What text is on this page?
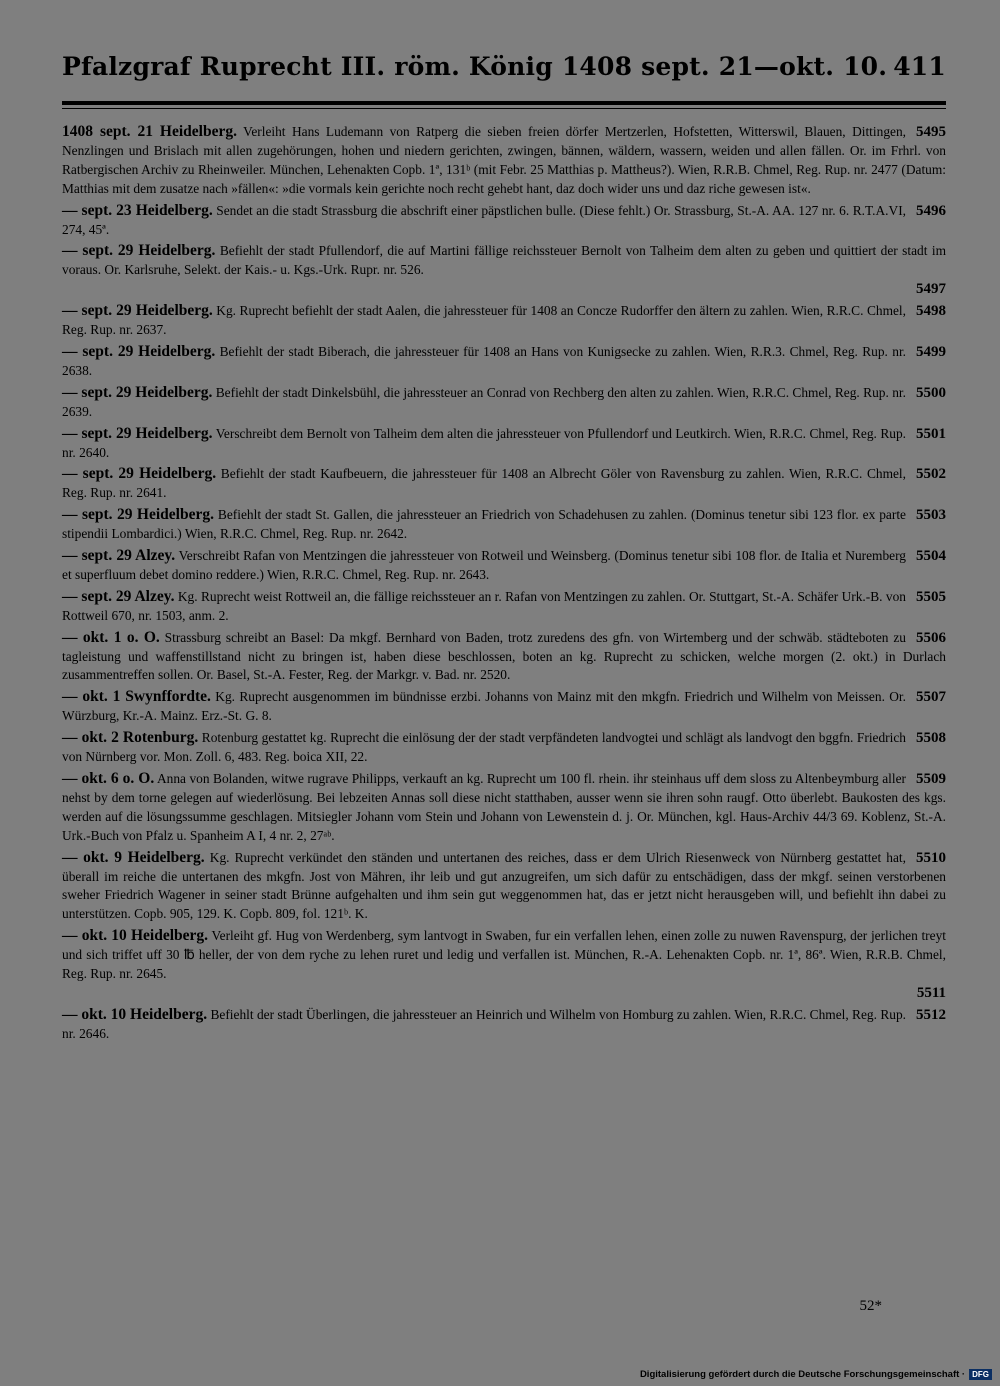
Pfalzgraf Ruprecht III. röm. König 1408 sept. 21—okt. 10. 411
5495
1408 sept. 21 Heidelberg. Verleiht Hans Ludemann von Ratperg die sieben freien dörfer Mertzerlen, Hofstetten, Witterswil, Blauen, Dittingen, Nenzlingen und Brislach mit allen zugehörungen, hohen und niedern gerichten, zwingen, bännen, wäldern, wassern, weiden und allen fällen. Or. im Frhrl. von Ratbergischen Archiv zu Rheinweiler. München, Lehenakten Copb. 1ª, 131ᵇ (mit Febr. 25 Matthias p. Mattheus?). Wien, R.R.B. Chmel, Reg. Rup. nr. 2477 (Datum: Matthias mit dem zusatze nach »fällen«: »die vormals kein gerichte noch recht gehebt hant, daz doch wider uns und daz riche gewesen ist«.
5496
— sept. 23 Heidelberg. Sendet an die stadt Strassburg die abschrift einer päpstlichen bulle. (Diese fehlt.) Or. Strassburg, St.-A. AA. 127 nr. 6. R.T.A.VI, 274, 45ª.
— sept. 29 Heidelberg. Befiehlt der stadt Pfullendorf, die auf Martini fällige reichssteuer Bernolt von Talheim dem alten zu geben und quittiert der stadt im voraus. Or. Karlsruhe, Selekt. der Kais.- u. Kgs.-Urk. Rupr. nr. 526.
5497
5498
— sept. 29 Heidelberg. Kg. Ruprecht befiehlt der stadt Aalen, die jahressteuer für 1408 an Concze Rudorffer den ältern zu zahlen. Wien, R.R.C. Chmel, Reg. Rup. nr. 2637.
5499
— sept. 29 Heidelberg. Befiehlt der stadt Biberach, die jahressteuer für 1408 an Hans von Kunigsecke zu zahlen. Wien, R.R.3. Chmel, Reg. Rup. nr. 2638.
5500
— sept. 29 Heidelberg. Befiehlt der stadt Dinkelsbühl, die jahressteuer an Conrad von Rechberg den alten zu zahlen. Wien, R.R.C. Chmel, Reg. Rup. nr. 2639.
5501
— sept. 29 Heidelberg. Verschreibt dem Bernolt von Talheim dem alten die jahressteuer von Pfullendorf und Leutkirch. Wien, R.R.C. Chmel, Reg. Rup. nr. 2640.
5502
— sept. 29 Heidelberg. Befiehlt der stadt Kaufbeuern, die jahressteuer für 1408 an Albrecht Göler von Ravensburg zu zahlen. Wien, R.R.C. Chmel, Reg. Rup. nr. 2641.
5503
— sept. 29 Heidelberg. Befiehlt der stadt St. Gallen, die jahressteuer an Friedrich von Schadehusen zu zahlen. (Dominus tenetur sibi 123 flor. ex parte stipendii Lombardici.) Wien, R.R.C. Chmel, Reg. Rup. nr. 2642.
5504
— sept. 29 Alzey. Verschreibt Rafan von Mentzingen die jahressteuer von Rotweil und Weinsberg. (Dominus tenetur sibi 108 flor. de Italia et Nuremberg et superfluum debet domino reddere.) Wien, R.R.C. Chmel, Reg. Rup. nr. 2643.
5505
— sept. 29 Alzey. Kg. Ruprecht weist Rottweil an, die fällige reichssteuer an r. Rafan von Mentzingen zu zahlen. Or. Stuttgart, St.-A. Schäfer Urk.-B. von Rottweil 670, nr. 1503, anm. 2.
5506
— okt. 1 o. O. Strassburg schreibt an Basel: Da mkgf. Bernhard von Baden, trotz zuredens des gfn. von Wirtemberg und der schwäb. städteboten zu tagleistung und waffenstillstand nicht zu bringen ist, haben diese beschlossen, boten an kg. Ruprecht zu schicken, welche morgen (2. okt.) in Durlach zusammentreffen sollen. Or. Basel, St.-A. Fester, Reg. der Markgr. v. Bad. nr. 2520.
5507
— okt. 1 Swynffordte. Kg. Ruprecht ausgenommen im bündnisse erzbi. Johanns von Mainz mit den mkgfn. Friedrich und Wilhelm von Meissen. Or. Würzburg, Kr.-A. Mainz. Erz.-St. G. 8.
5508
— okt. 2 Rotenburg. Rotenburg gestattet kg. Ruprecht die einlösung der der stadt verpfändeten landvogtei und schlägt als landvogt den bggfn. Friedrich von Nürnberg vor. Mon. Zoll. 6, 483. Reg. boica XII, 22.
5509
— okt. 6 o. O. Anna von Bolanden, witwe rugrave Philipps, verkauft an kg. Ruprecht um 100 fl. rhein. ihr steinhaus uff dem sloss zu Altenbeymburg aller nehst by dem torne gelegen auf wiederlösung. Bei lebzeiten Annas soll diese nicht statthaben, ausser wenn sie ihren sohn raugf. Otto überlebt. Baukosten des kgs. werden auf die lösungssumme geschlagen. Mitsiegler Johann vom Stein und Johann von Lewenstein d. j. Or. München, kgl. Haus-Archiv 44/3 69. Koblenz, St.-A. Urk.-Buch von Pfalz u. Spanheim A I, 4 nr. 2, 27ᵃᵇ.
5510
— okt. 9 Heidelberg. Kg. Ruprecht verkündet den ständen und untertanen des reiches, dass er dem Ulrich Riesenweck von Nürnberg gestattet hat, überall im reiche die untertanen des mkgfn. Jost von Mähren, ihr leib und gut anzugreifen, um sich dafür zu entschädigen, dass der mkgf. seinen verstorbenen sweher Friedrich Wagener in seiner stadt Brünne aufgehalten und ihm sein gut weggenommen hat, das er jetzt nicht herausgeben will, und befiehlt ihn dabei zu unterstützen. Copb. 905, 129. K. Copb. 809, fol. 121ᵇ. K.
— okt. 10 Heidelberg. Verleiht gf. Hug von Werdenberg, sym lantvogt in Swaben, fur ein verfallen lehen, einen zolle zu nuwen Ravenspurg, der jerlichen treyt und sich triffet uff 30 ℔ heller, der von dem ryche zu lehen ruret und ledig und verfallen ist. München, R.-A. Lehenakten Copb. nr. 1ª, 86ª. Wien, R.R.B. Chmel, Reg. Rup. nr. 2645.
5511
5512
— okt. 10 Heidelberg. Befiehlt der stadt Überlingen, die jahressteuer an Heinrich und Wilhelm von Homburg zu zahlen. Wien, R.R.C. Chmel, Reg. Rup. nr. 2646.
52*
Digitalisierung gefördert durch die Deutsche Forschungsgemeinschaft · DFG
